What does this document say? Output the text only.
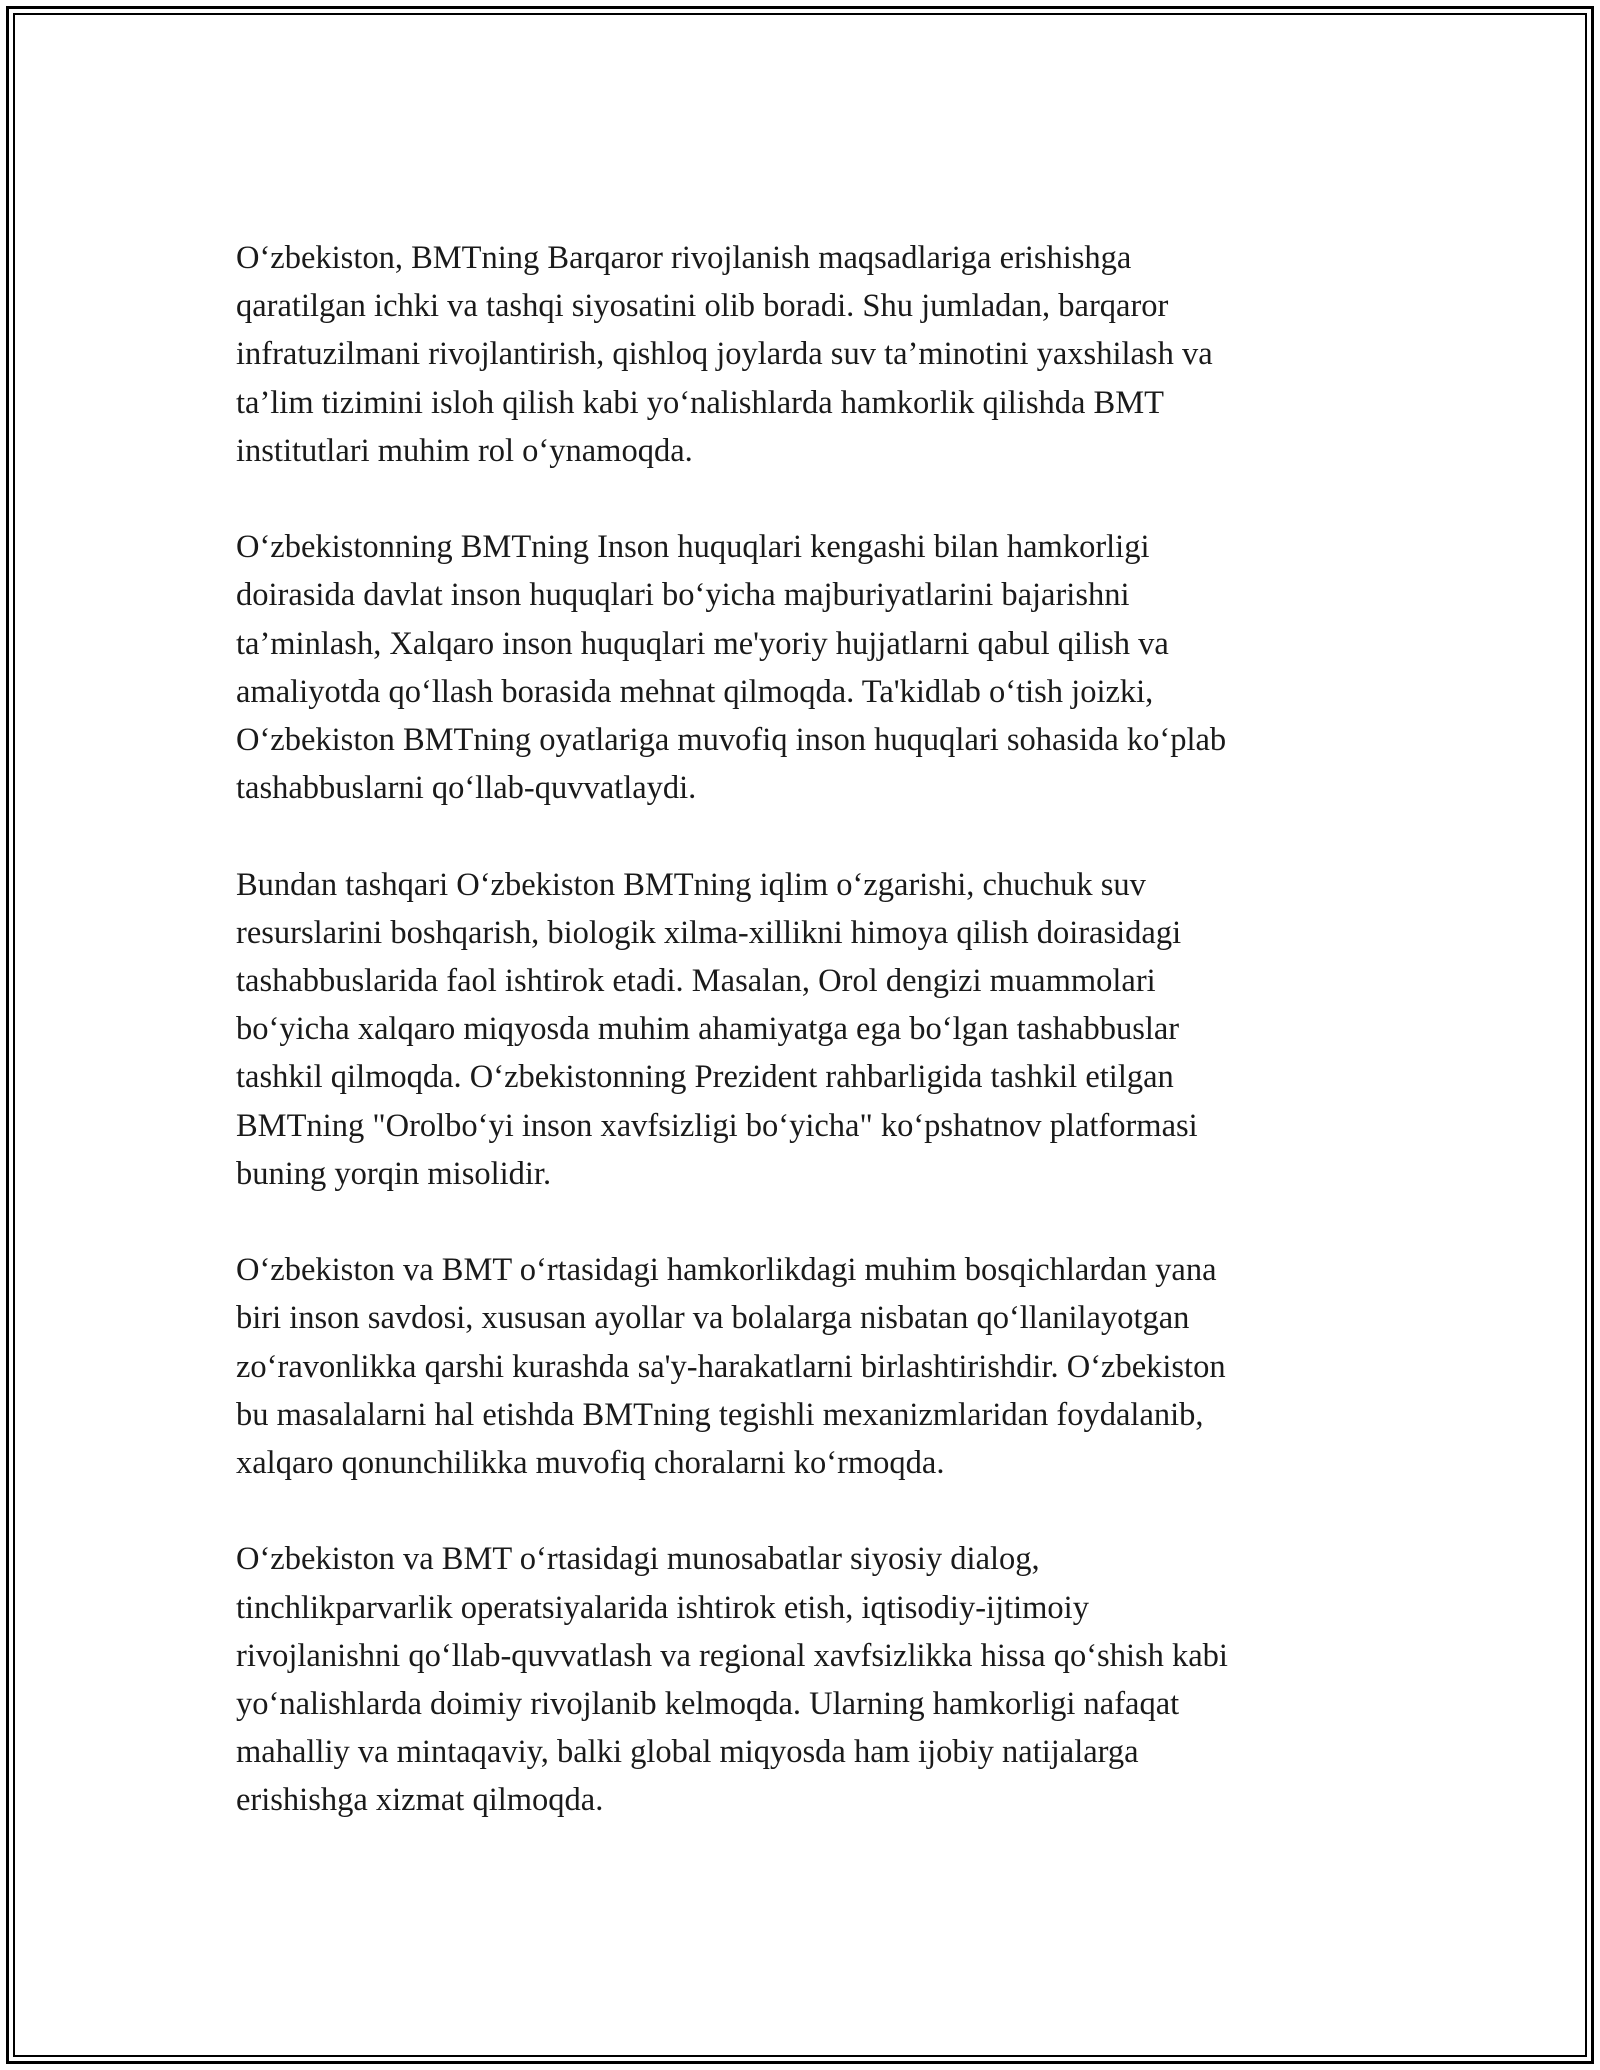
O‘zbekiston, BMTning Barqaror rivojlanish maqsadlariga erishishga
qaratilgan ichki va tashqi siyosatini olib boradi. Shu jumladan, barqaror
infratuzilmani rivojlantirish, qishloq joylarda suv ta’minotini yaxshilash va
ta’lim tizimini isloh qilish kabi yo‘nalishlarda hamkorlik qilishda BMT
institutlari muhim rol o‘ynamoqda.

O‘zbekistonning BMTning Inson huquqlari kengashi bilan hamkorligi
doirasida davlat inson huquqlari bo‘yicha majburiyatlarini bajarishni
ta’minlash, Xalqaro inson huquqlari me'yoriy hujjatlarni qabul qilish va
amaliyotda qo‘llash borasida mehnat qilmoqda. Ta'kidlab o‘tish joizki,
O‘zbekiston BMTning oyatlariga muvofiq inson huquqlari sohasida ko‘plab
tashabbuslarni qo‘llab-quvvatlaydi.

Bundan tashqari O‘zbekiston BMTning iqlim o‘zgarishi, chuchuk suv
resurslarini boshqarish, biologik xilma-xillikni himoya qilish doirasidagi
tashabbuslarida faol ishtirok etadi. Masalan, Orol dengizi muammolari
bo‘yicha xalqaro miqyosda muhim ahamiyatga ega bo‘lgan tashabbuslar
tashkil qilmoqda. O‘zbekistonning Prezident rahbarligida tashkil etilgan
BMTning "Orolbo‘yi inson xavfsizligi bo‘yicha" ko‘pshatnov platformasi
buning yorqin misolidir.

O‘zbekiston va BMT o‘rtasidagi hamkorlikdagi muhim bosqichlardan yana
biri inson savdosi, xususan ayollar va bolalarga nisbatan qo‘llanilayotgan
zo‘ravonlikka qarshi kurashda sa'y-harakatlarni birlashtirishdir. O‘zbekiston
bu masalalarni hal etishda BMTning tegishli mexanizmlaridan foydalanib,
xalqaro qonunchilikka muvofiq choralarni ko‘rmoqda.

O‘zbekiston va BMT o‘rtasidagi munosabatlar siyosiy dialog,
tinchlikparvarlik operatsiyalarida ishtirok etish, iqtisodiy-ijtimoiy
rivojlanishni qo‘llab-quvvatlash va regional xavfsizlikka hissa qo‘shish kabi
yo‘nalishlarda doimiy rivojlanib kelmoqda. Ularning hamkorligi nafaqat
mahalliy va mintaqaviy, balki global miqyosda ham ijobiy natijalarga
erishishga xizmat qilmoqda.
